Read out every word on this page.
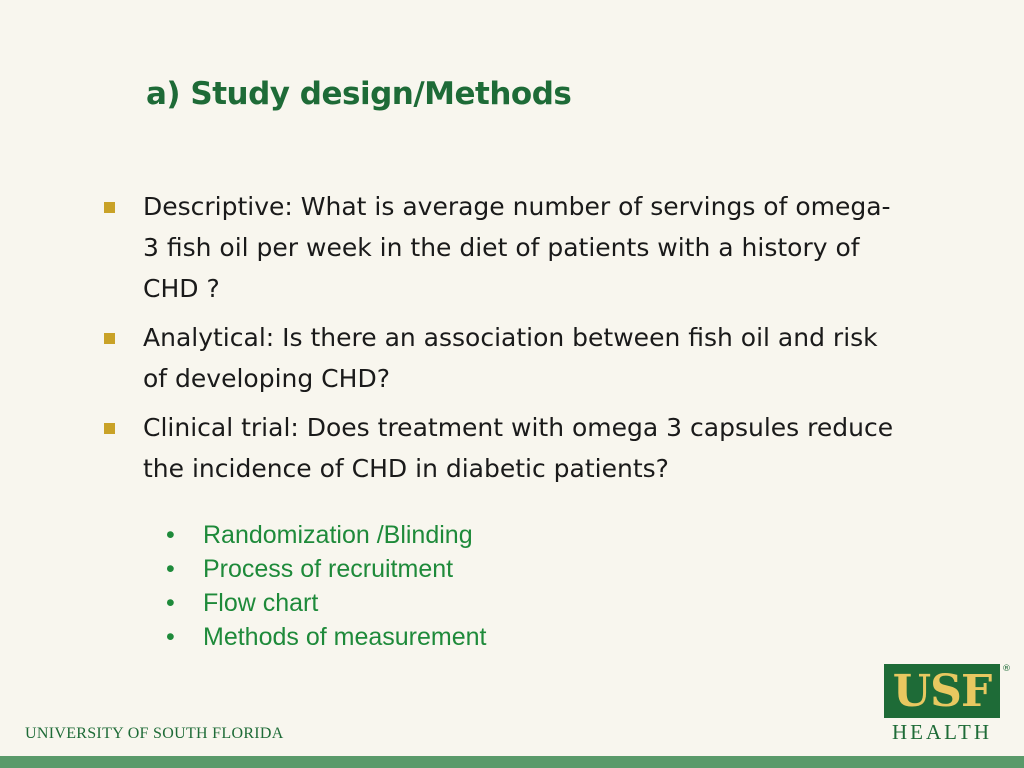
a) Study design/Methods
Descriptive: What is average number of servings of omega-3 fish oil per week in the diet of patients with a history of CHD ?
Analytical: Is there an association between fish oil and risk of developing CHD?
Clinical trial: Does treatment with omega 3 capsules reduce the incidence of CHD in diabetic patients?
• Randomization /Blinding
• Process of recruitment
• Flow chart
• Methods of measurement
UNIVERSITY OF SOUTH FLORIDA
USF	®
HEALTH
